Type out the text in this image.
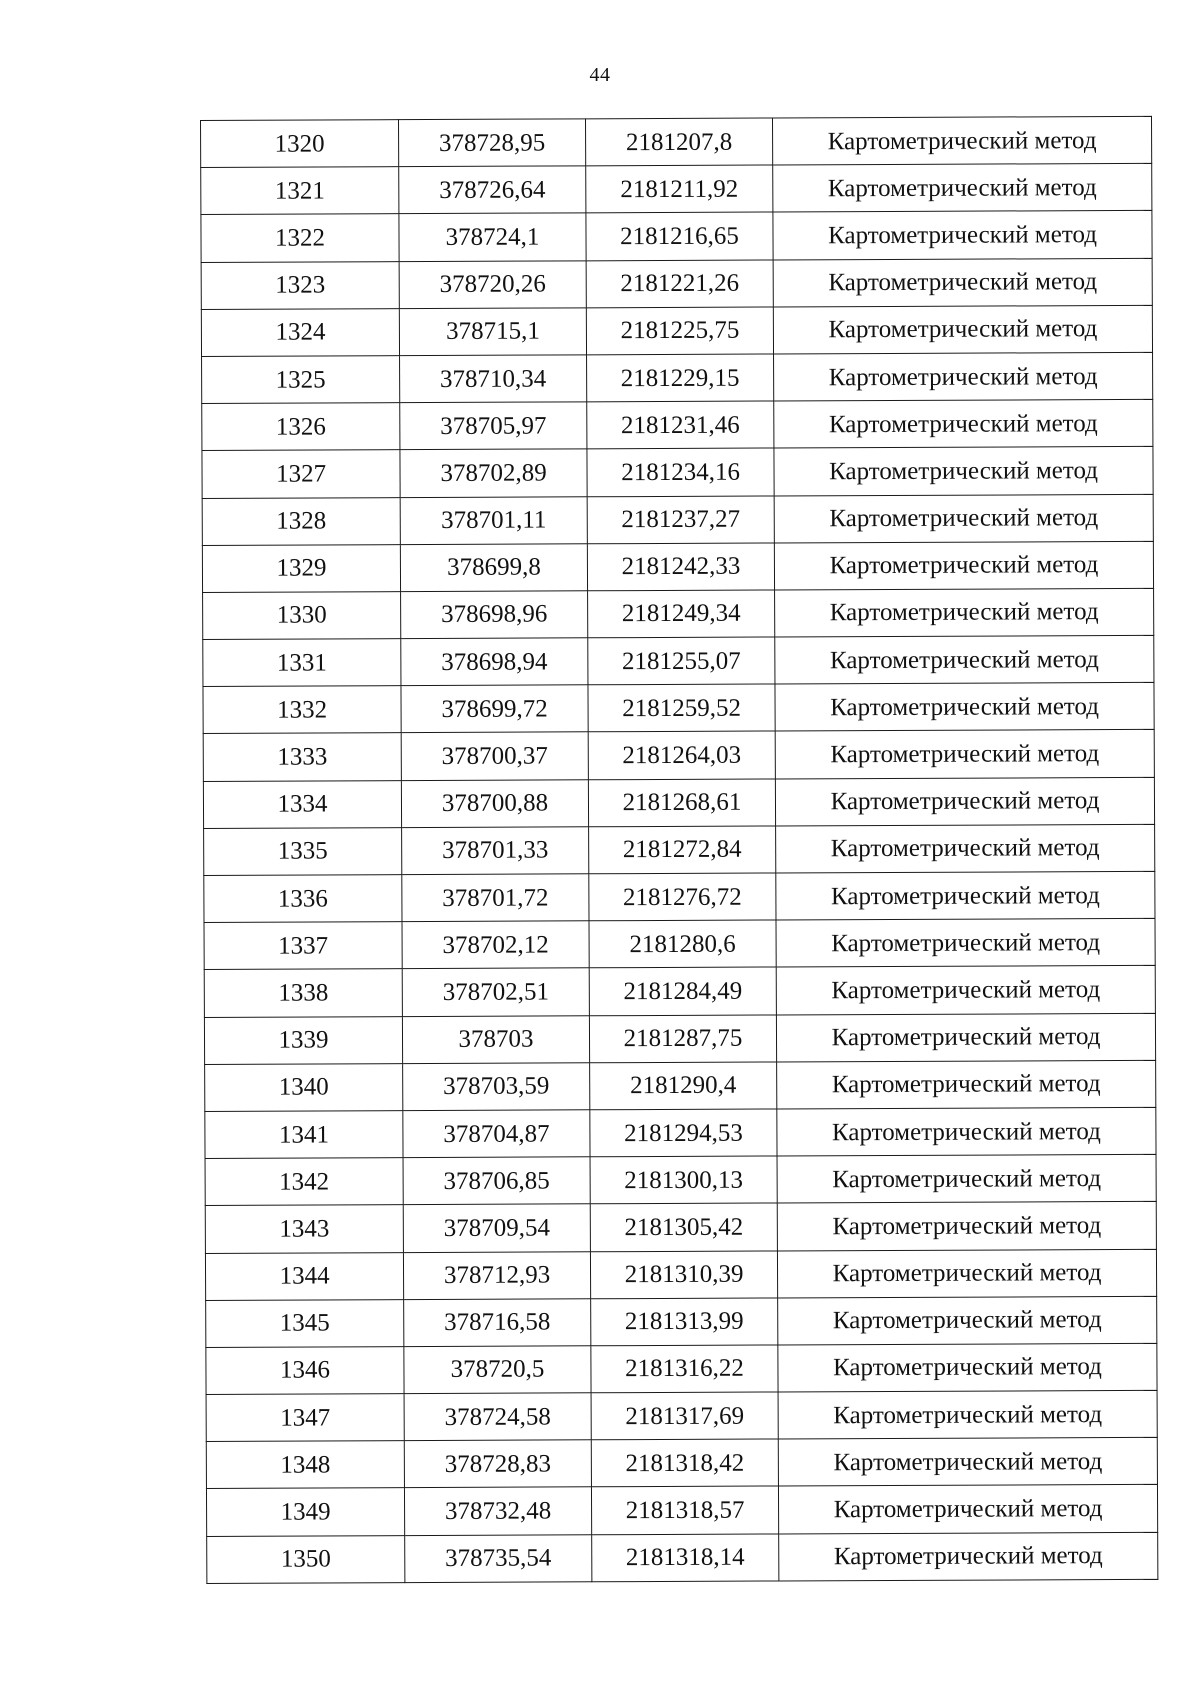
44
1320	378728,95	2181207,8	Картометрический метод
1321	378726,64	2181211,92	Картометрический метод
1322	378724,1	2181216,65	Картометрический метод
1323	378720,26	2181221,26	Картометрический метод
1324	378715,1	2181225,75	Картометрический метод
1325	378710,34	2181229,15	Картометрический метод
1326	378705,97	2181231,46	Картометрический метод
1327	378702,89	2181234,16	Картометрический метод
1328	378701,11	2181237,27	Картометрический метод
1329	378699,8	2181242,33	Картометрический метод
1330	378698,96	2181249,34	Картометрический метод
1331	378698,94	2181255,07	Картометрический метод
1332	378699,72	2181259,52	Картометрический метод
1333	378700,37	2181264,03	Картометрический метод
1334	378700,88	2181268,61	Картометрический метод
1335	378701,33	2181272,84	Картометрический метод
1336	378701,72	2181276,72	Картометрический метод
1337	378702,12	2181280,6	Картометрический метод
1338	378702,51	2181284,49	Картометрический метод
1339	378703	2181287,75	Картометрический метод
1340	378703,59	2181290,4	Картометрический метод
1341	378704,87	2181294,53	Картометрический метод
1342	378706,85	2181300,13	Картометрический метод
1343	378709,54	2181305,42	Картометрический метод
1344	378712,93	2181310,39	Картометрический метод
1345	378716,58	2181313,99	Картометрический метод
1346	378720,5	2181316,22	Картометрический метод
1347	378724,58	2181317,69	Картометрический метод
1348	378728,83	2181318,42	Картометрический метод
1349	378732,48	2181318,57	Картометрический метод
1350	378735,54	2181318,14	Картометрический метод
